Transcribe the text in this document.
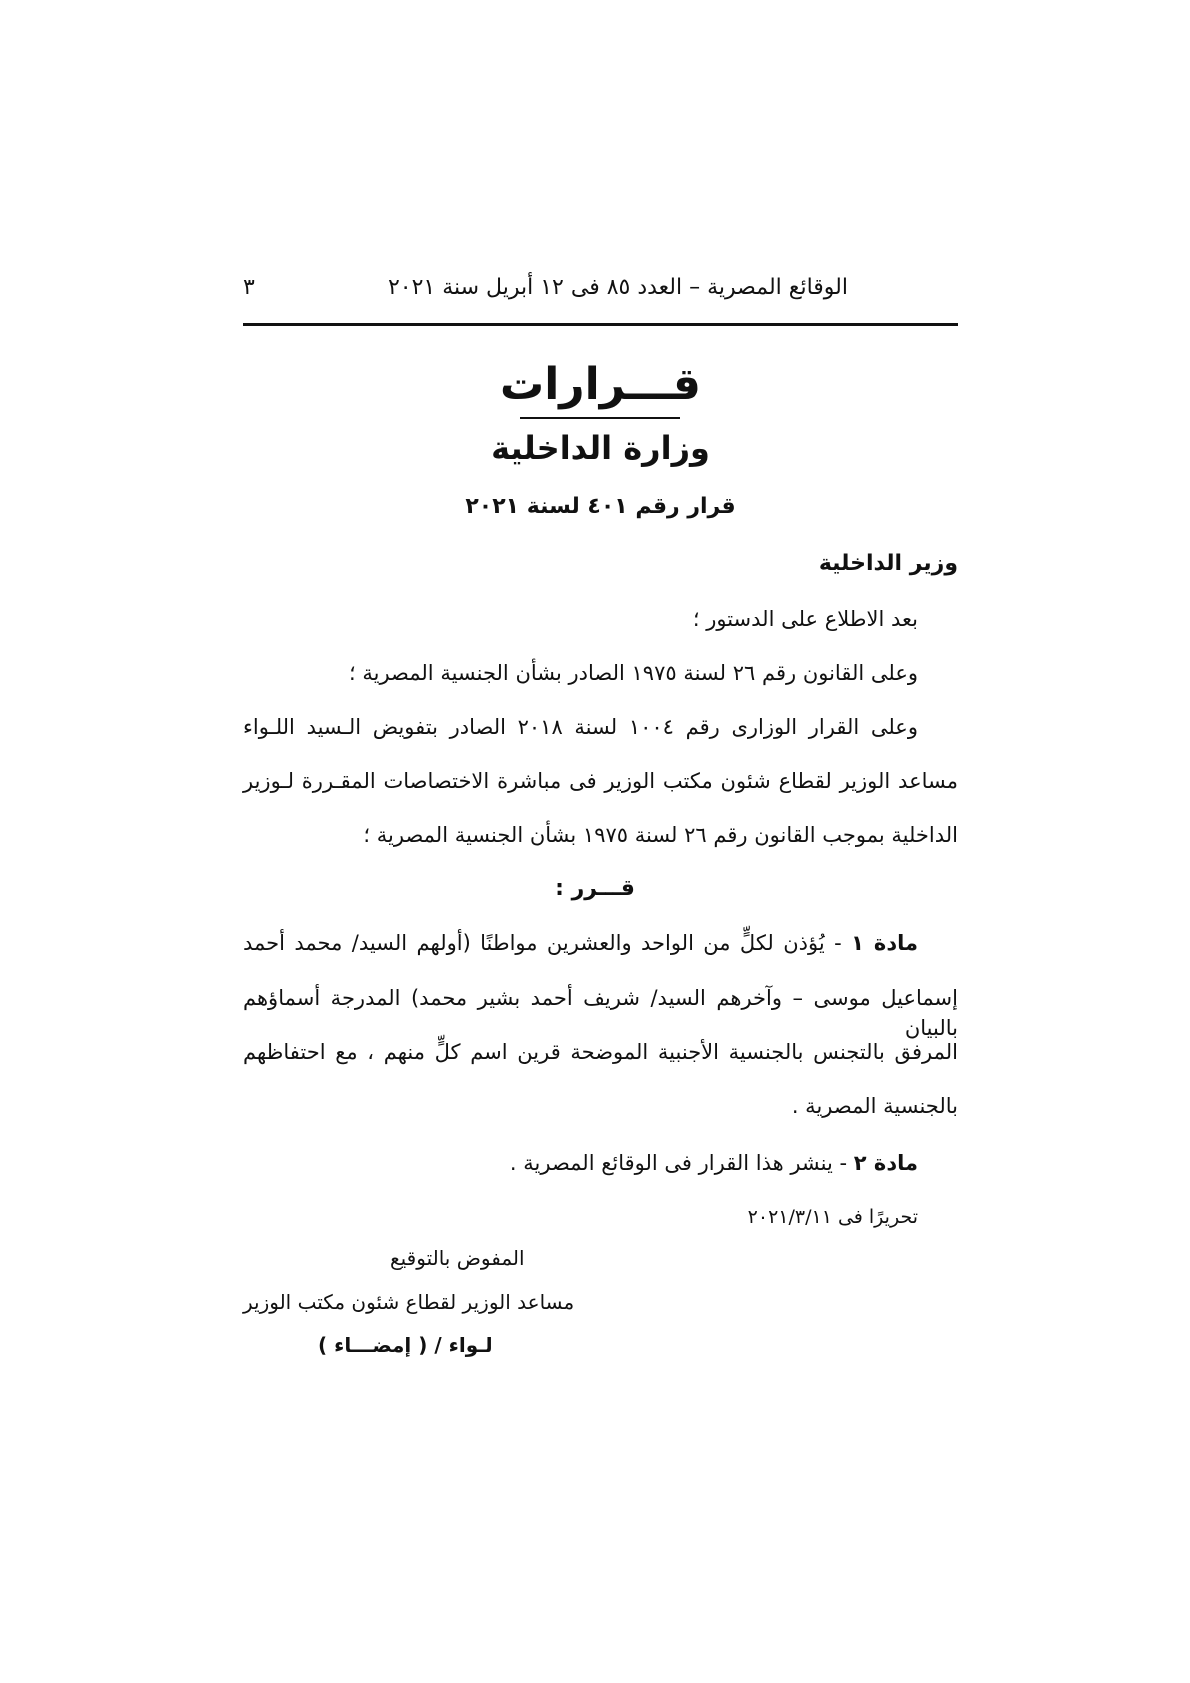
الوقائع المصرية – العدد ٨٥ فى ١٢ أبريل سنة ٢٠٢١
٣
قـــرارات
وزارة الداخلية
قرار رقم ٤٠١ لسنة ٢٠٢١
وزير الداخلية
بعد الاطلاع على الدستور ؛
وعلى القانون رقم ٢٦ لسنة ١٩٧٥ الصادر بشأن الجنسية المصرية ؛
وعلى القرار الوزارى رقم ١٠٠٤ لسنة ٢٠١٨ الصادر بتفويض الـسيد اللـواء
مساعد الوزير لقطاع شئون مكتب الوزير فى مباشرة الاختصاصات المقـررة لـوزير
الداخلية بموجب القانون رقم ٢٦ لسنة ١٩٧٥ بشأن الجنسية المصرية ؛
قـــرر :
مادة ١ - يُؤذن لكلٍّ من الواحد والعشرين مواطنًا (أولهم السيد/ محمد أحمد
إسماعيل موسى – وآخرهم السيد/ شريف أحمد بشير محمد) المدرجة أسماؤهم بالبيان
المرفق بالتجنس بالجنسية الأجنبية الموضحة قرين اسم كلٍّ منهم ، مع احتفاظهم
بالجنسية المصرية .
مادة ٢ - ينشر هذا القرار فى الوقائع المصرية .
تحريرًا فى ٢٠٢١/٣/١١
المفوض بالتوقيع
مساعد الوزير لقطاع شئون مكتب الوزير
لـواء / ( إمضـــاء )
